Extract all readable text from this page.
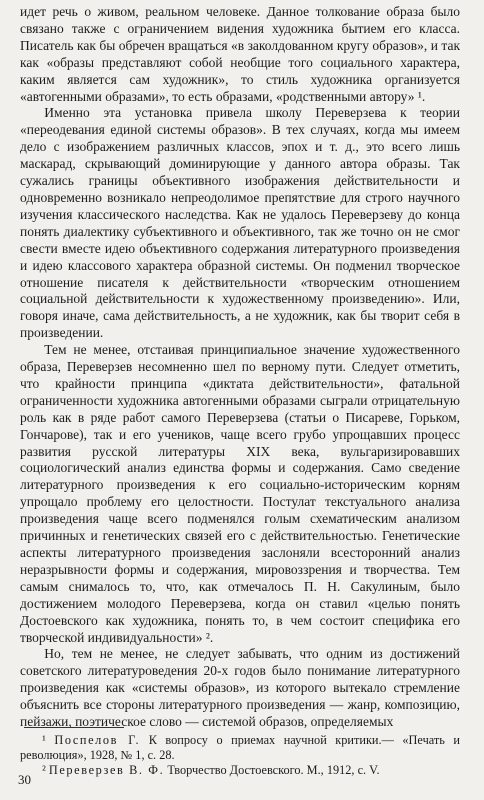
идет речь о живом, реальном человеке. Данное толкование образа было связано также с ограничением видения художника бытием его класса. Писатель как бы обречен вращаться «в заколдованном кругу образов», и так как «образы представляют собой необщие того социального характера, каким является сам художник», то стиль художника организуется «автогенными образами», то есть образами, «родственными автору» ¹.

Именно эта установка привела школу Переверзева к теории «переодевания единой системы образов». В тех случаях, когда мы имеем дело с изображением различных классов, эпох и т. д., это всего лишь маскарад, скрывающий доминирующие у данного автора образы. Так сужались границы объективного изображения действительности и одновременно возникало непреодолимое препятствие для строго научного изучения классического наследства. Как не удалось Переверзеву до конца понять диалектику субъективного и объективного, так же точно он не смог свести вместе идею объективного содержания литературного произведения и идею классового характера образной системы. Он подменил творческое отношение писателя к действительности «творческим отношением социальной действительности к художественному произведению». Или, говоря иначе, сама действительность, а не художник, как бы творит себя в произведении.

Тем не менее, отстаивая принципиальное значение художественного образа, Переверзев несомненно шел по верному пути. Следует отметить, что крайности принципа «диктата действительности», фатальной ограниченности художника автогенными образами сыграли отрицательную роль как в ряде работ самого Переверзева (статьи о Писареве, Горьком, Гончарове), так и его учеников, чаще всего грубо упрощавших процесс развития русской литературы XIX века, вульгаризировавших социологический анализ единства формы и содержания. Само сведение литературного произведения к его социально-историческим корням упрощало проблему его целостности. Постулат текстуального анализа произведения чаще всего подменялся голым схематическим анализом причинных и генетических связей его с действительностью. Генетические аспекты литературного произведения заслоняли всесторонний анализ неразрывности формы и содержания, мировоззрения и творчества. Тем самым снималось то, что, как отмечалось П. Н. Сакулиным, было достижением молодого Переверзева, когда он ставил «целью понять Достоевского как художника, понять то, в чем состоит специфика его творческой индивидуальности» ².

Но, тем не менее, не следует забывать, что одним из достижений советского литературоведения 20-х годов было понимание литературного произведения как «системы образов», из которого вытекало стремление объяснить все стороны литературного произведения — жанр, композицию, пейзажи, поэтическое слово — системой образов, определяемых

¹ Поспелов Г. К вопросу о приемах научной критики.— «Печать и революция», 1928, № 1, с. 28.

² Переверзев В. Ф. Творчество Достоевского. М., 1912, с. V.

30
